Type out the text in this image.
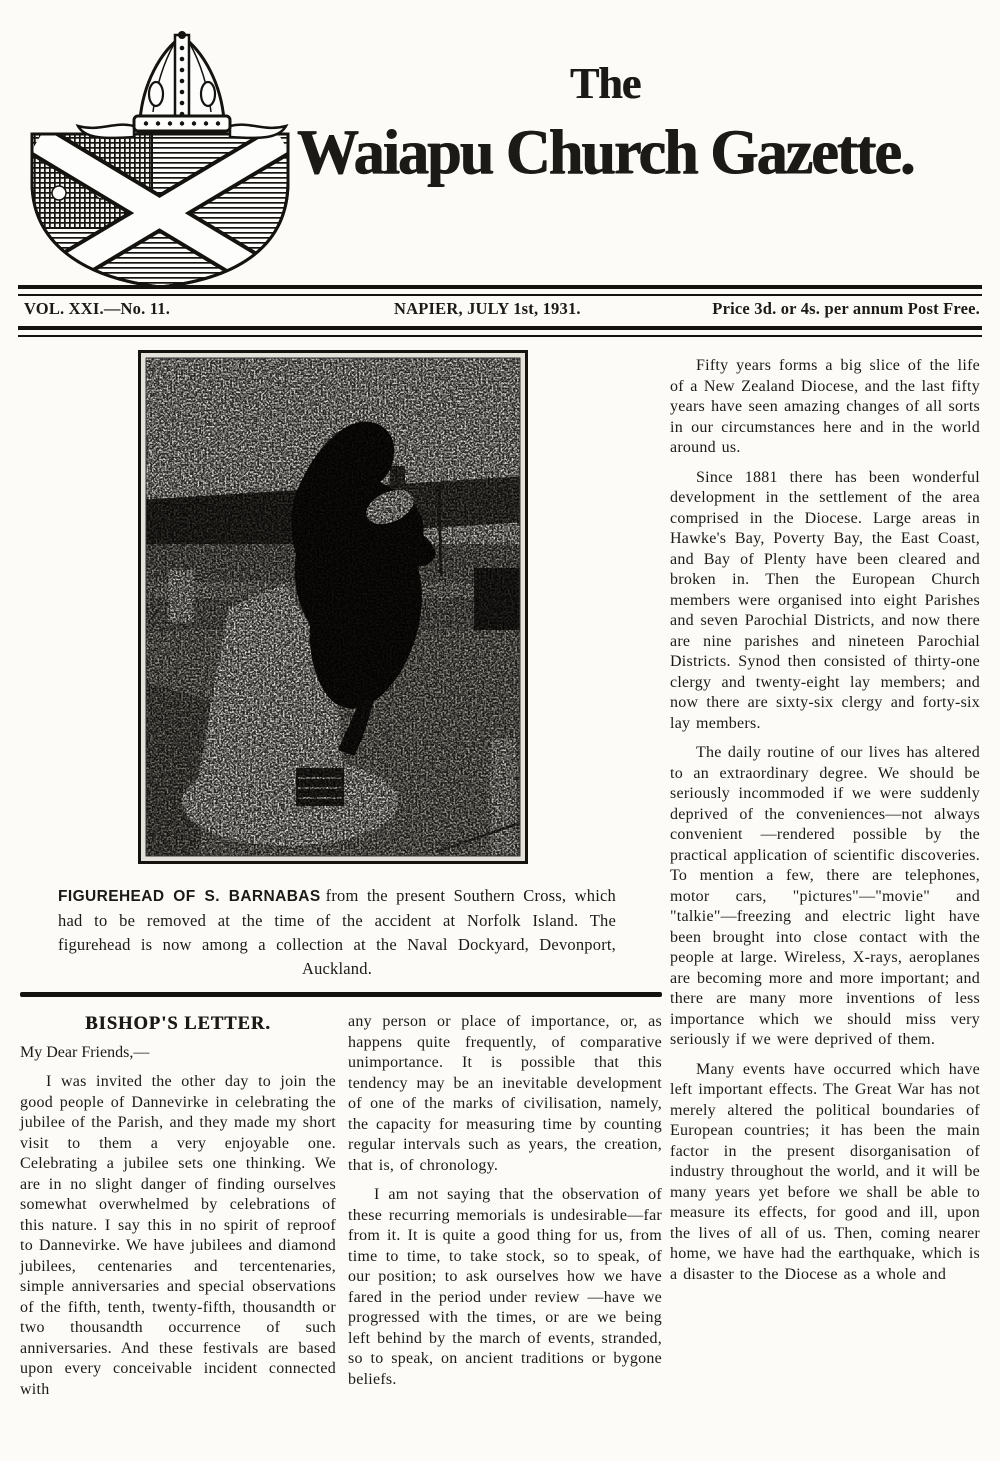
The
Waiapu Church Gazette.
VOL. XXI.—No. 11.	NAPIER, JULY 1st, 1931.	Price 3d. or 4s. per annum Post Free.
FIGUREHEAD OF S. BARNABAS from the present Southern Cross, which had to be removed at the time of the accident at Norfolk Island. The figurehead is now among a collection at the Naval Dockyard, Devonport, Auckland.
BISHOP'S LETTER.
My Dear Friends,—

I was invited the other day to join the good people of Dannevirke in celebrating the jubilee of the Parish, and they made my short visit to them a very enjoyable one. Celebrating a jubilee sets one thinking. We are in no slight danger of finding ourselves somewhat overwhelmed by celebrations of this nature. I say this in no spirit of reproof to Dannevirke. We have jubilees and diamond jubilees, centenaries and tercentenaries, simple anniversaries and special observations of the fifth, tenth, twenty-fifth, thousandth or two thousandth occurrence of such anniversaries. And these festivals are based upon every conceivable incident connected with

any person or place of importance, or, as happens quite frequently, of comparative unimportance. It is possible that this tendency may be an inevitable development of one of the marks of civilisation, namely, the capacity for measuring time by counting regular intervals such as years, the creation, that is, of chronology.

I am not saying that the observation of these recurring memorials is undesirable—far from it. It is quite a good thing for us, from time to time, to take stock, so to speak, of our position; to ask ourselves how we have fared in the period under review —have we progressed with the times, or are we being left behind by the march of events, stranded, so to speak, on ancient traditions or bygone beliefs.

Fifty years forms a big slice of the life of a New Zealand Diocese, and the last fifty years have seen amazing changes of all sorts in our circumstances here and in the world around us.

Since 1881 there has been wonderful development in the settlement of the area comprised in the Diocese. Large areas in Hawke's Bay, Poverty Bay, the East Coast, and Bay of Plenty have been cleared and broken in. Then the European Church members were organised into eight Parishes and seven Parochial Districts, and now there are nine parishes and nineteen Parochial Districts. Synod then consisted of thirty-one clergy and twenty-eight lay members; and now there are sixty-six clergy and forty-six lay members.

The daily routine of our lives has altered to an extraordinary degree. We should be seriously incommoded if we were suddenly deprived of the conveniences—not always convenient —rendered possible by the practical application of scientific discoveries. To mention a few, there are telephones, motor cars, "pictures"—"movie" and "talkie"—freezing and electric light have been brought into close contact with the people at large. Wireless, X-rays, aeroplanes are becoming more and more important; and there are many more inventions of less importance which we should miss very seriously if we were deprived of them.

Many events have occurred which have left important effects. The Great War has not merely altered the political boundaries of European countries; it has been the main factor in the present disorganisation of industry throughout the world, and it will be many years yet before we shall be able to measure its effects, for good and ill, upon the lives of all of us. Then, coming nearer home, we have had the earthquake, which is a disaster to the Diocese as a whole and
